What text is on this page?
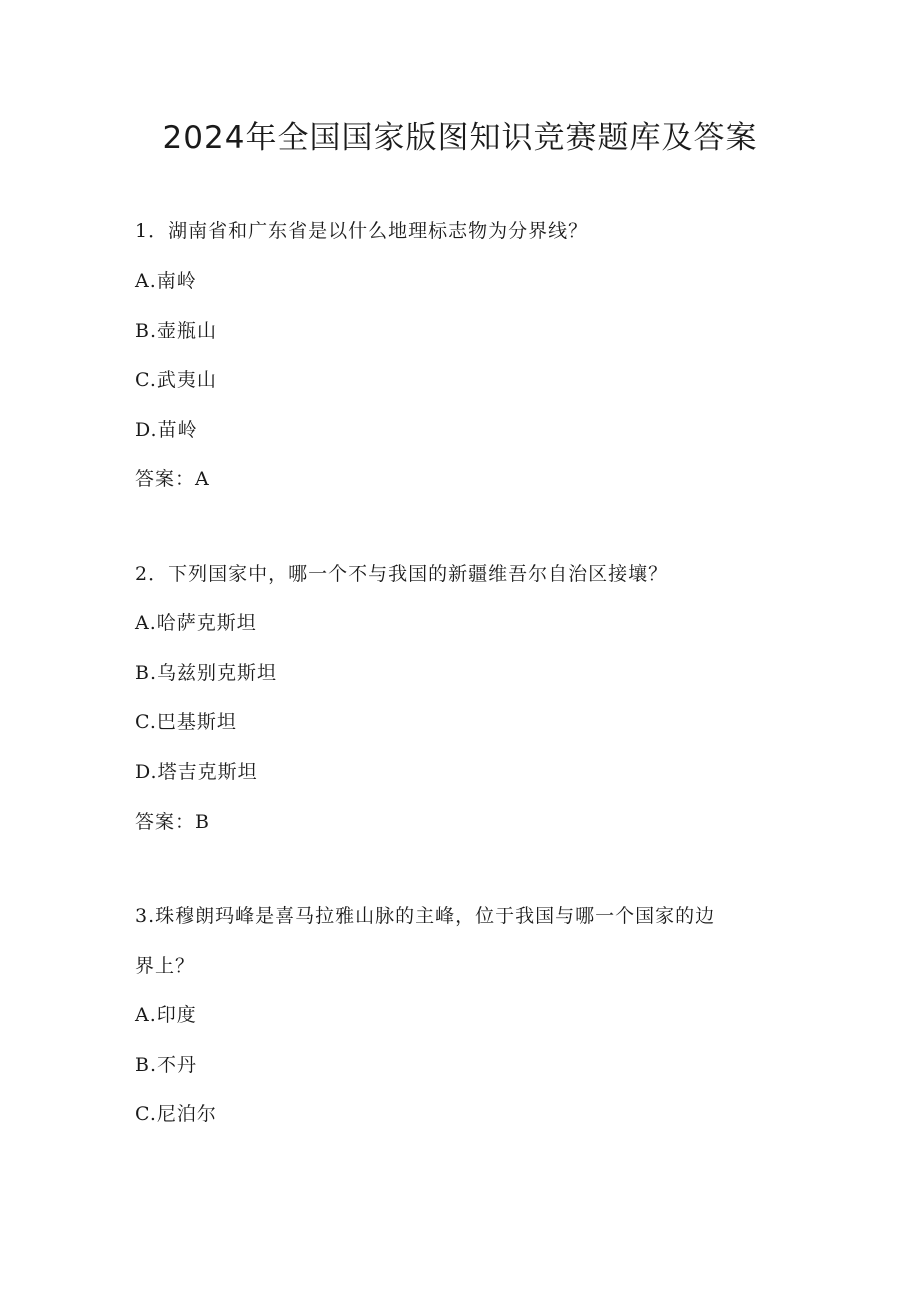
2024年全国国家版图知识竞赛题库及答案
1．湖南省和广东省是以什么地理标志物为分界线？
A.南岭
B.壶瓶山
C.武夷山
D.苗岭
答案：A
2．下列国家中，哪一个不与我国的新疆维吾尔自治区接壤？
A.哈萨克斯坦
B.乌兹别克斯坦
C.巴基斯坦
D.塔吉克斯坦
答案：B
3.珠穆朗玛峰是喜马拉雅山脉的主峰，位于我国与哪一个国家的边
界上？
A.印度
B.不丹
C.尼泊尔
